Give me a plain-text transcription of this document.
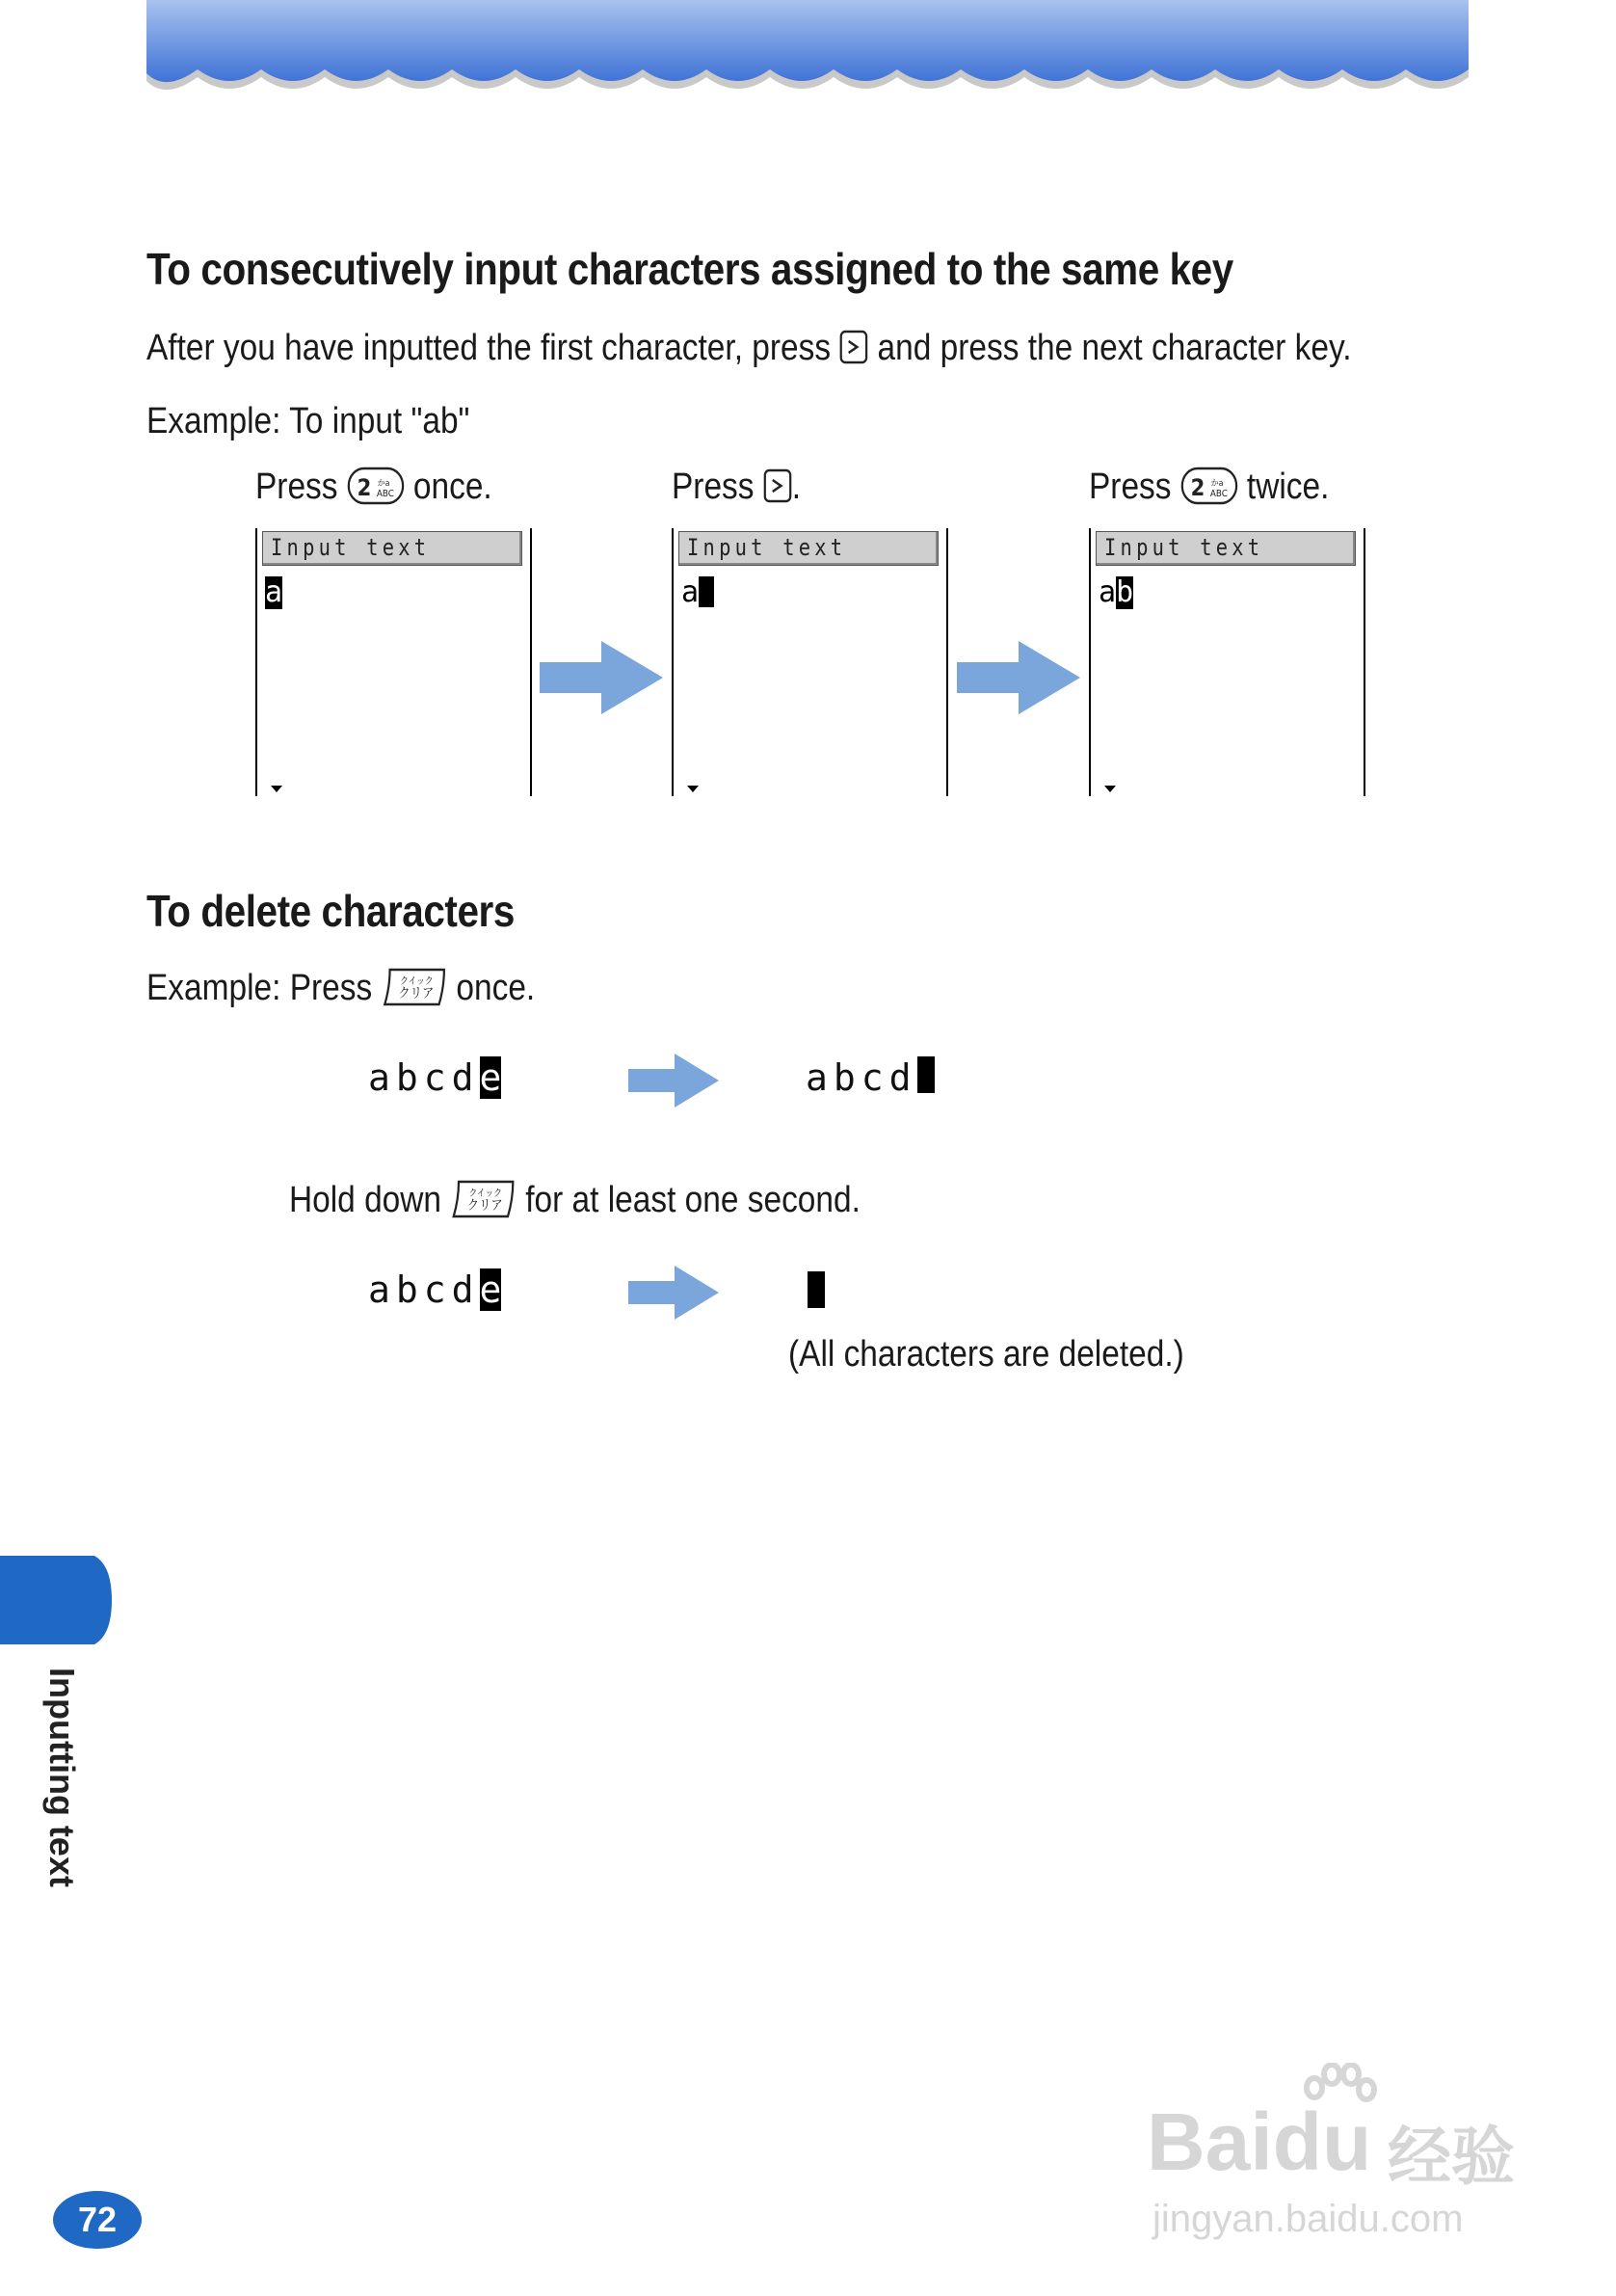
To consecutively input characters assigned to the same key
After you have inputted the first character, press and press the next character key.
Example: To input "ab"
Press 2 かа
ABC once.	Press .	Press 2 かа
ABC twice.
Input text
a
Input text
a
Input text
ab
To delete characters
Example: Press	クイック
クリア once.
abcde	abcd
Hold down	クイック
クリア for at least one second.
abcde
(All characters are deleted.)
Inputting text
72
Baidu 经验
jingyan.baidu.com
